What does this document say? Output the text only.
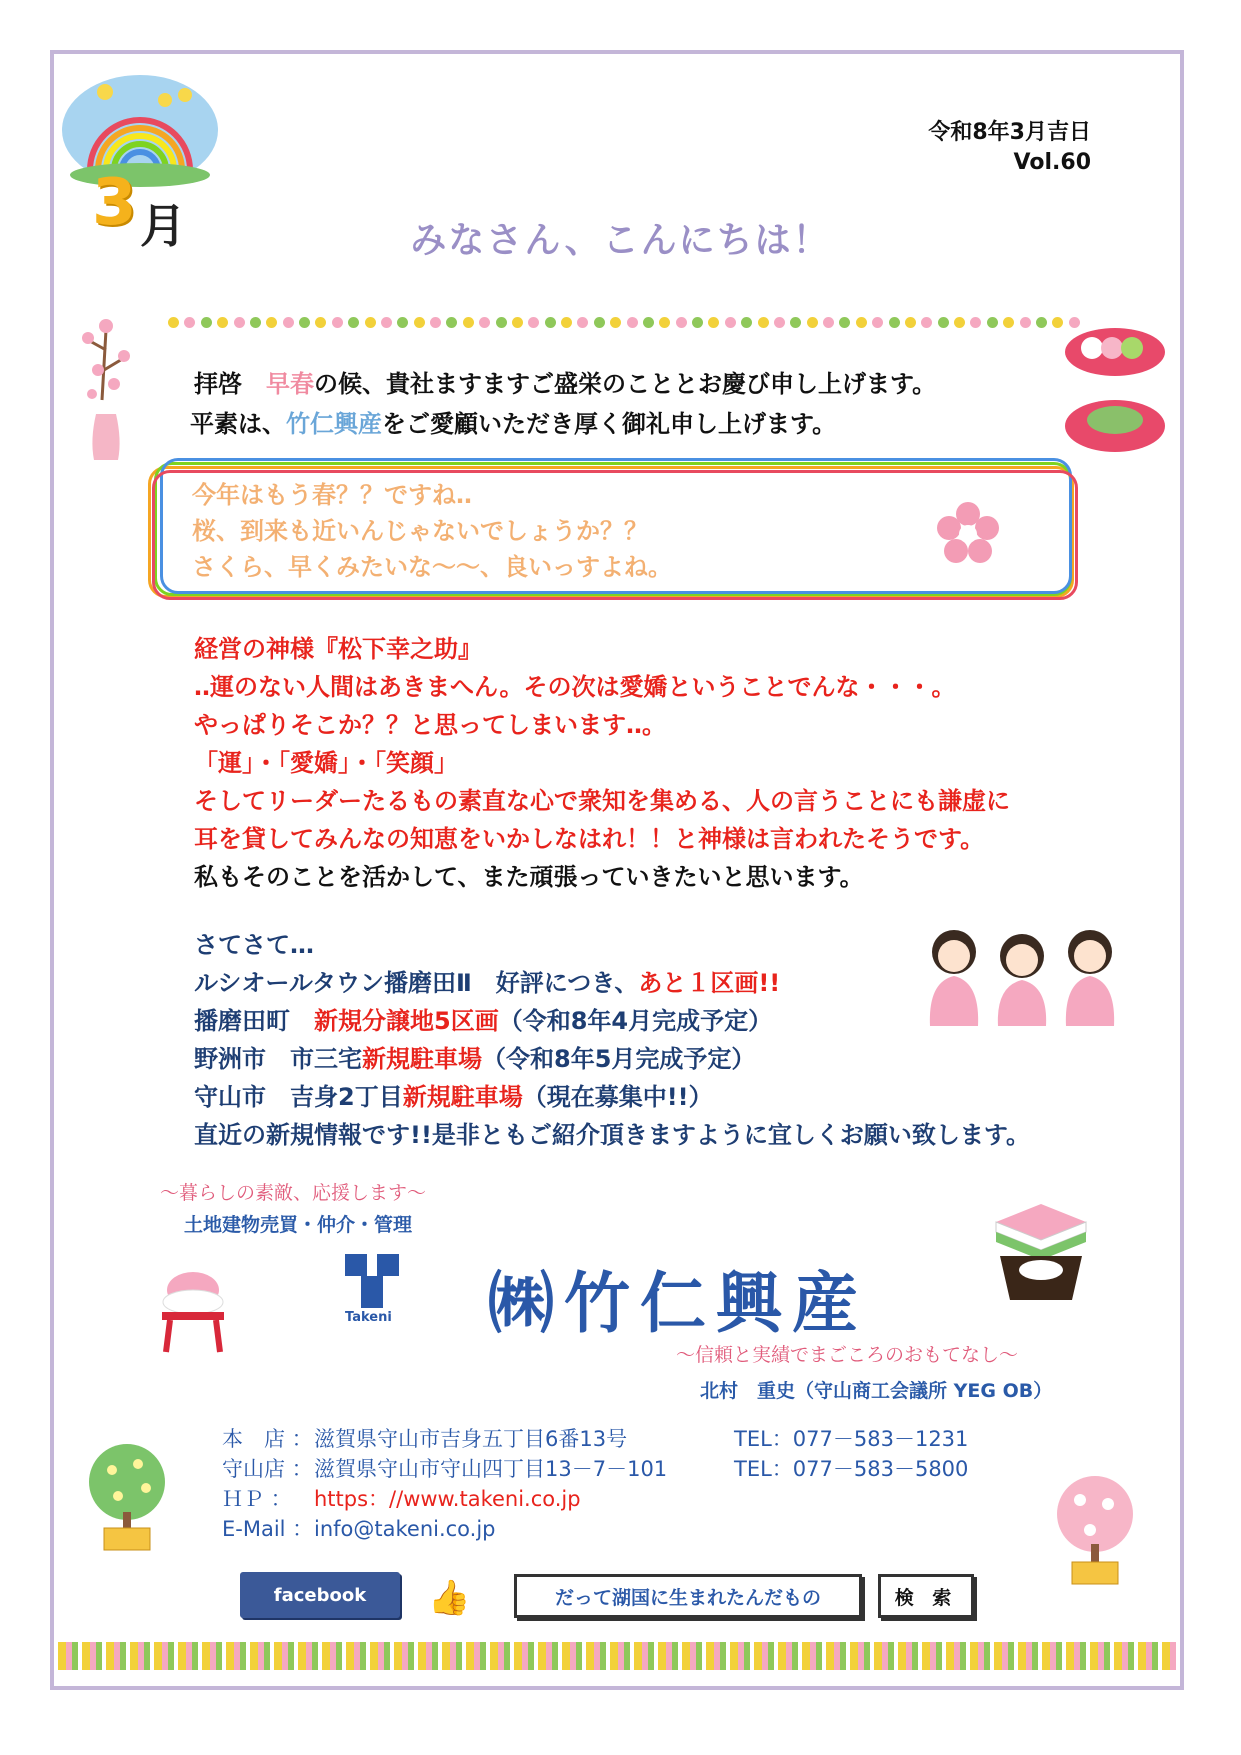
3 月
令和8年3月吉日
Vol.60
みなさん、こんにちは！
拝啓　早春の候、貴社ますますご盛栄のこととお慶び申し上げます。
平素は、竹仁興産をご愛顧いただき厚く御礼申し上げます。
今年はもう春？？ですね‥
桜、到来も近いんじゃないでしょうか？？
さくら、早くみたいな～～、良いっすよね。
経営の神様『松下幸之助』
‥運のない人間はあきまへん。その次は愛嬌ということでんな・・・。
やっぱりそこか？？と思ってしまいます‥。
「運」・「愛嬌」・「笑顔」
そしてリーダーたるもの素直な心で衆知を集める、人の言うことにも謙虚に
耳を貸してみんなの知恵をいかしなはれ！！と神様は言われたそうです。
私もそのことを活かして、また頑張っていきたいと思います。
さてさて…
ルシオールタウン播磨田Ⅱ　好評につき、あと１区画!!
播磨田町　新規分譲地5区画（令和8年4月完成予定）
野洲市　市三宅新規駐車場（令和8年5月完成予定）
守山市　吉身2丁目新規駐車場（現在募集中!!）
直近の新規情報です!!是非ともご紹介頂きますように宜しくお願い致します。
～暮らしの素敵、応援します～
土地建物売買・仲介・管理
Takeni ㈱竹仁興産
～信頼と実績でまごころのおもてなし～
北村　重史（守山商工会議所 YEG OB）
本　店 ： 滋賀県守山市吉身五丁目6番13号	TEL：077－583－1231
守山店 ： 滋賀県守山市守山四丁目13－7－101	TEL：077－583－5800
ＨＰ ：	https：//www.takeni.co.jp
E-Mail ： info@takeni.co.jp
facebook 👍	だって湖国に生まれたんだもの	検 索
